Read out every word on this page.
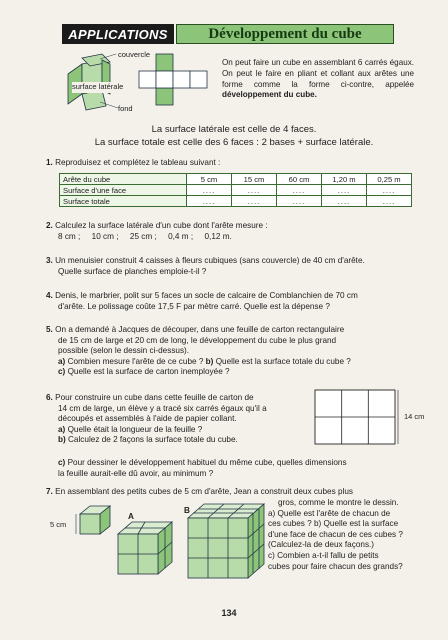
APPLICATIONS	Développement du cube
couvercle
surface latérale
fond
On peut faire un cube en assemblant 6 carrés égaux. On peut le faire en pliant et collant aux arêtes une forme comme la forme ci-contre, appelée développement du cube.
La surface latérale est celle de 4 faces.
La surface totale est celle des 6 faces : 2 bases + surface latérale.
1. Reproduisez et complétez le tableau suivant :
Arête du cube	5 cm	15 cm	60 cm	1,20 m	0,25 m
Surface d'une face	....	....	....	....	....
Surface totale	....	....	....	....	....
2. Calculez la surface latérale d'un cube dont l'arête mesure :
8 cm ;     10 cm ;     25 cm ;     0,4 m ;     0,12 m.
3. Un menuisier construit 4 caisses à fleurs cubiques (sans couvercle) de 40 cm d'arête.
Quelle surface de planches emploie-t-il ?
4. Denis, le marbrier, polit sur 5 faces un socle de calcaire de Comblanchien de 70 cm
d'arête. Le polissage coûte 17,5 F par mètre carré. Quelle est la dépense ?
5. On a demandé à Jacques de découper, dans une feuille de carton rectangulaire
de 15 cm de large et 20 cm de long, le développement du cube le plus grand
possible (selon le dessin ci-dessus).
a) Combien mesure l'arête de ce cube ? b) Quelle est la surface totale du cube ?
c) Quelle est la surface de carton inemployée ?
6. Pour construire un cube dans cette feuille de carton de
14 cm de large, un élève y a tracé six carrés égaux qu'il a
découpés et assemblés à l'aide de papier collant.
a) Quelle était la longueur de la feuille ?
b) Calculez de 2 façons la surface totale du cube.
c) Pour dessiner le développement habituel du même cube, quelles dimensions
la feuille aurait-elle dû avoir, au minimum ?
14 cm
7. En assemblant des petits cubes de 5 cm d'arête, Jean a construit deux cubes plus
gros, comme le montre le dessin.
a) Quelle est l'arête de chacun de
ces cubes ? b) Quelle est la surface
d'une face de chacun de ces cubes ?
(Calculez-la de deux façons.)
c) Combien a-t-il fallu de petits
cubes pour faire chacun des grands?
5 cm
A
B
134
